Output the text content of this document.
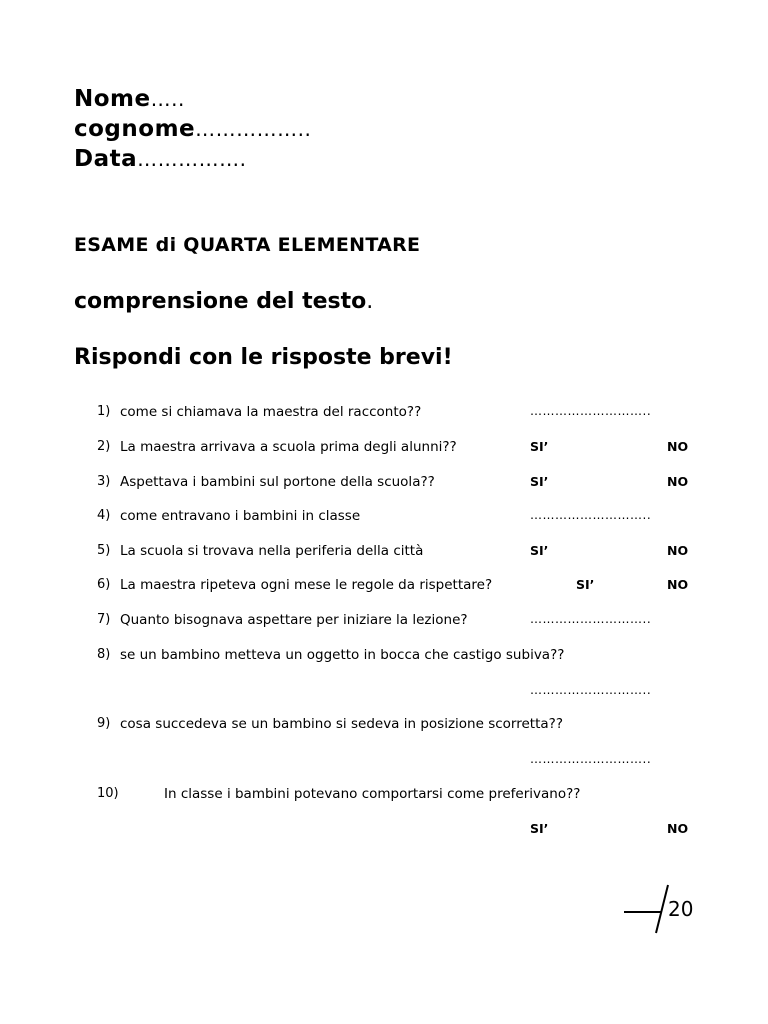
Nome…..
cognome……………..
Data…………….
ESAME di QUARTA ELEMENTARE
comprensione del testo.
Rispondi con le risposte brevi!
1) come si chiamava la maestra del racconto??	………………………..
2) La maestra arrivava a scuola prima degli alunni??	SI’	NO
3) Aspettava i bambini sul portone della scuola??	SI’	NO
4) come entravano i bambini in classe	………………………..
5) La scuola si trovava nella periferia della città	SI’	NO
6) La maestra ripeteva ogni mese le regole da rispettare?	SI’	NO
7) Quanto bisognava aspettare per iniziare la lezione?	………………………..
8) se un bambino metteva un oggetto in bocca che castigo subiva??
………………………..
9) cosa succedeva se un bambino si sedeva in posizione scorretta??
………………………..
10)	In classe i bambini potevano comportarsi come preferivano??
SI’	NO
20
